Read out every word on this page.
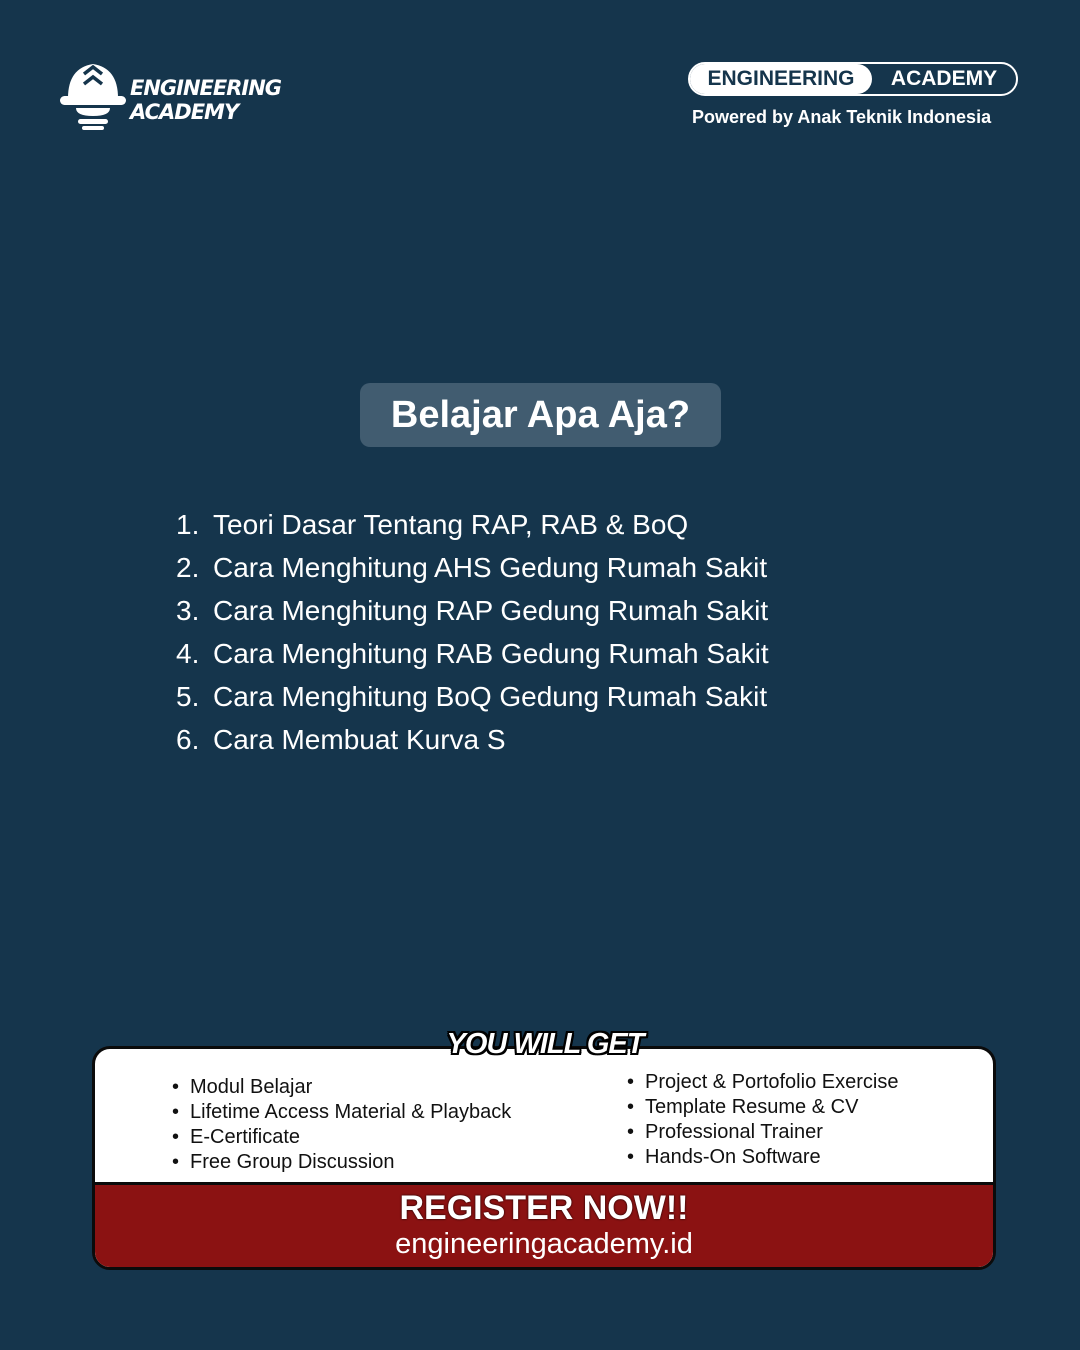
ENGINEERING
ACADEMY
ENGINEERING	ACADEMY
Powered by Anak Teknik Indonesia
Belajar Apa Aja?
1. Teori Dasar Tentang RAP, RAB & BoQ
2. Cara Menghitung AHS Gedung Rumah Sakit
3. Cara Menghitung RAP Gedung Rumah Sakit
4. Cara Menghitung RAB Gedung Rumah Sakit
5. Cara Menghitung BoQ Gedung Rumah Sakit
6. Cara Membuat Kurva S
• Modul Belajar
• Lifetime Access Material & Playback
• E-Certificate
• Free Group Discussion
• Project & Portofolio Exercise
• Template Resume & CV
• Professional Trainer
• Hands-On Software
REGISTER NOW!!
engineeringacademy.id
YOU WILL GET
